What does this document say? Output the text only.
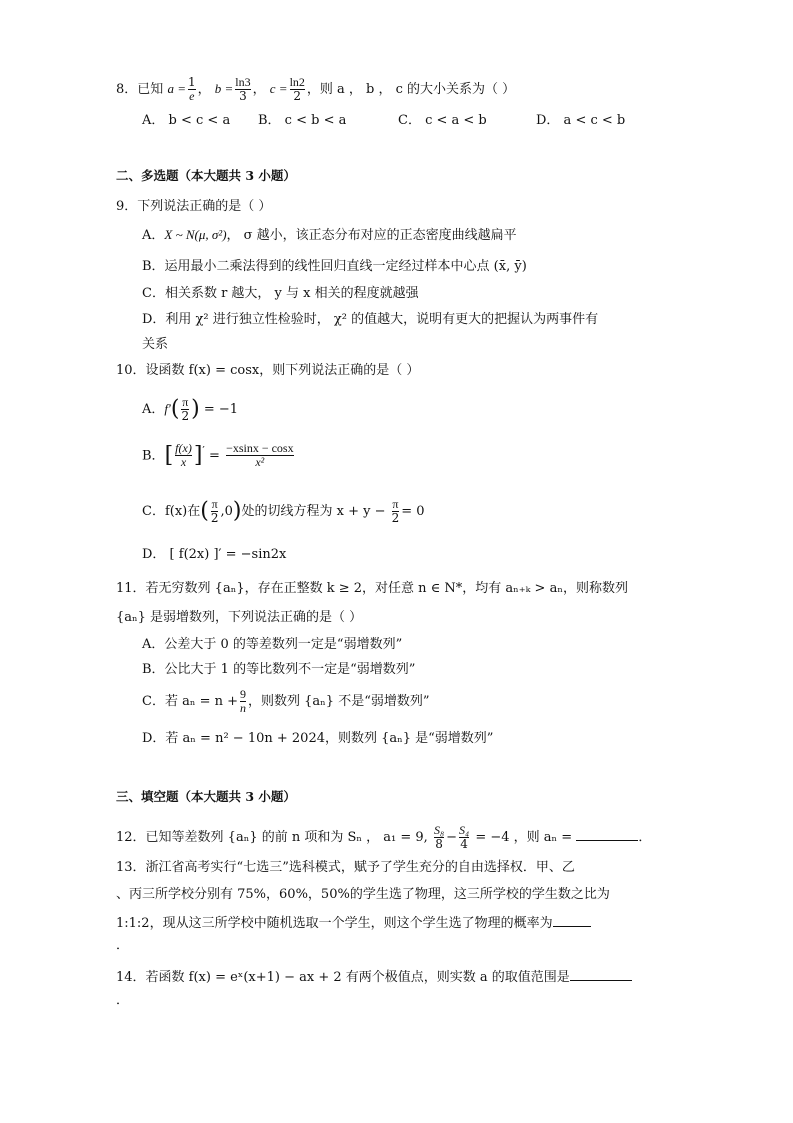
8．已知 $a = \frac{1}{e}$ ， $b = \frac{\ln 3}{3}$ ， $c = \frac{\ln 2}{2}$ ，则 a ， b ， c 的大小关系为（ ）
A． b < c < a B． c < b < a	C． c < a < b	D． a < c < b
二、多选题（本大题共 3 小题）
9．下列说法正确的是（ ）
A．X ~ N(μ, σ²)， σ 越小，该正态分布对应的正态密度曲线越扁平
B．运用最小二乘法得到的线性回归直线一定经过样本中心点 (x̄, ȳ)
C．相关系数 r 越大， y 与 x 相关的程度就越强
D．利用 χ² 进行独立性检验时， χ² 的值越大，说明有更大的把握认为两事件有
关系
10．设函数 f(x) = cosx，则下列说法正确的是（ ）
A．$f'( \frac{\pi}{2}$ ) = −1
B．[ $\frac{f(x)}{x} ]' = \frac{-xsinx - \cos x}{\text{x²}}$
C．f(x)在( $\frac{\pi}{2} ,0$)处的切线方程为 $x + y - \frac{\pi}{2} = 0$
D． [ f(2x) ]′ = −sin2x
11．若无穷数列 {aₙ}，存在正整数 k ≥ 2，对任意 n ∈ N*，均有 aₙ₊ₖ > aₙ，则称数列
{aₙ} 是弱增数列，下列说法正确的是（ ）
A．公差大于 0 的等差数列一定是“弱增数列”
B．公比大于 1 的等比数列不一定是“弱增数列”
C．若 $a_n = n + \frac{9}{n}$ ，则数列 {aₙ} 不是“弱增数列”
D．若 aₙ = n² − 10n + 2024，则数列 {aₙ} 是“弱增数列”
三、填空题（本大题共 3 小题）
12．已知等差数列 {aₙ} 的前 n 项和为 Sₙ ， a₁ = 9, $\frac{\text{S₈}}{8} - \frac{\text{S₄}}{4} = -4$ ，则 aₙ =	．
13．浙江省高考实行“七选三”选科模式，赋予了学生充分的自由选择权．甲、乙
、丙三所学校分别有 75%，60%，50%的学生选了物理，这三所学校的学生数之比为
1:1:2，现从这三所学校中随机选取一个学生，则这个学生选了物理的概率为
．
14．若函数 f(x) = eˣ(x+1) − ax + 2 有两个极值点，则实数 a 的取值范围是
．
